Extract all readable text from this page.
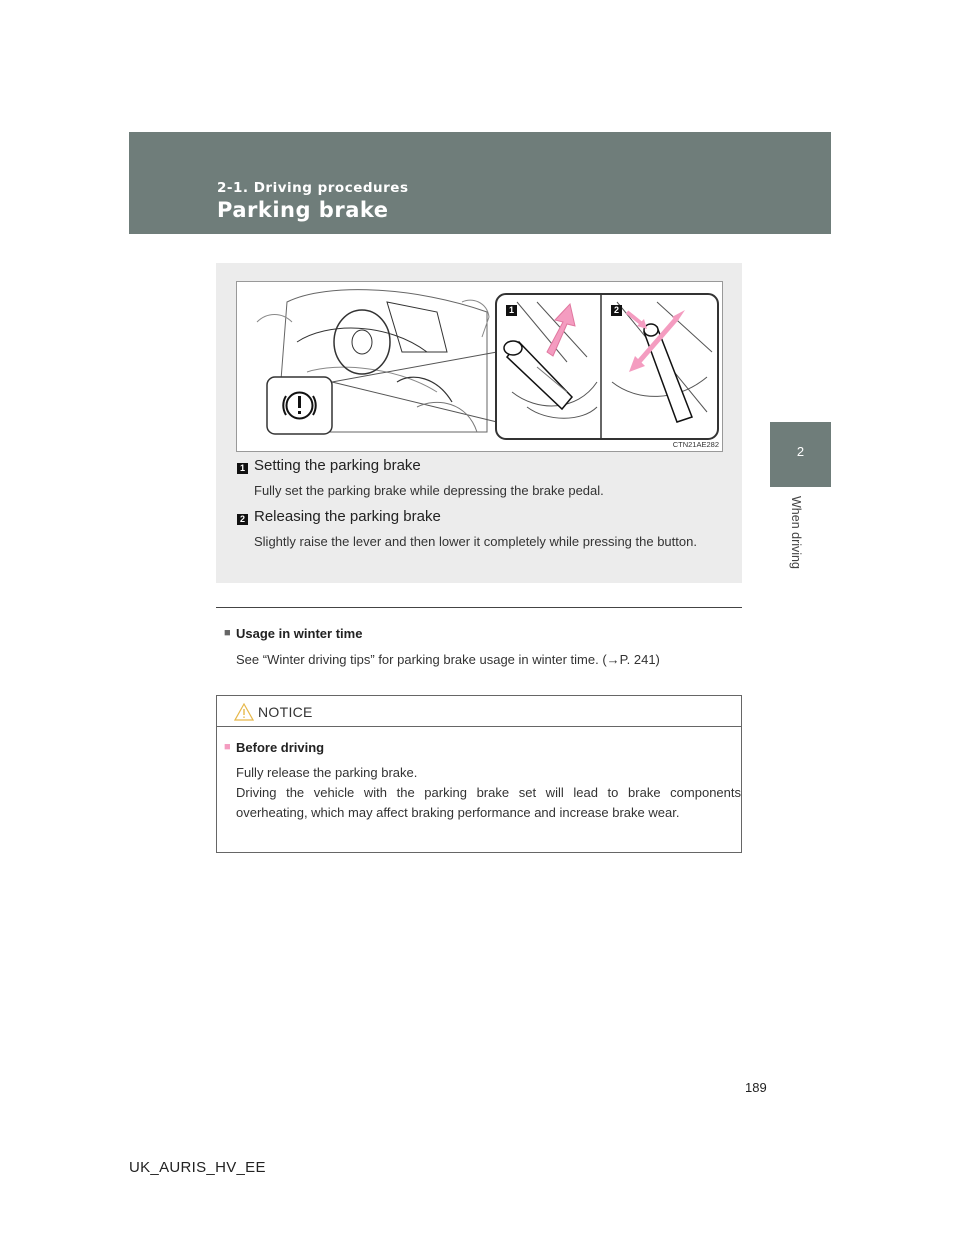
2-1. Driving procedures
Parking brake
2
When driving
1	2
CTN21AE282
1 Setting the parking brake
Fully set the parking brake while depressing the brake pedal.
2 Releasing the parking brake
Slightly raise the lever and then lower it completely while pressing the button.
■ Usage in winter time
See “Winter driving tips” for parking brake usage in winter time. (→P. 241)
NOTICE
■ Before driving
Fully release the parking brake.
Driving the vehicle with the parking brake set will lead to brake components overheating, which may affect braking performance and increase brake wear.
189
UK_AURIS_HV_EE
